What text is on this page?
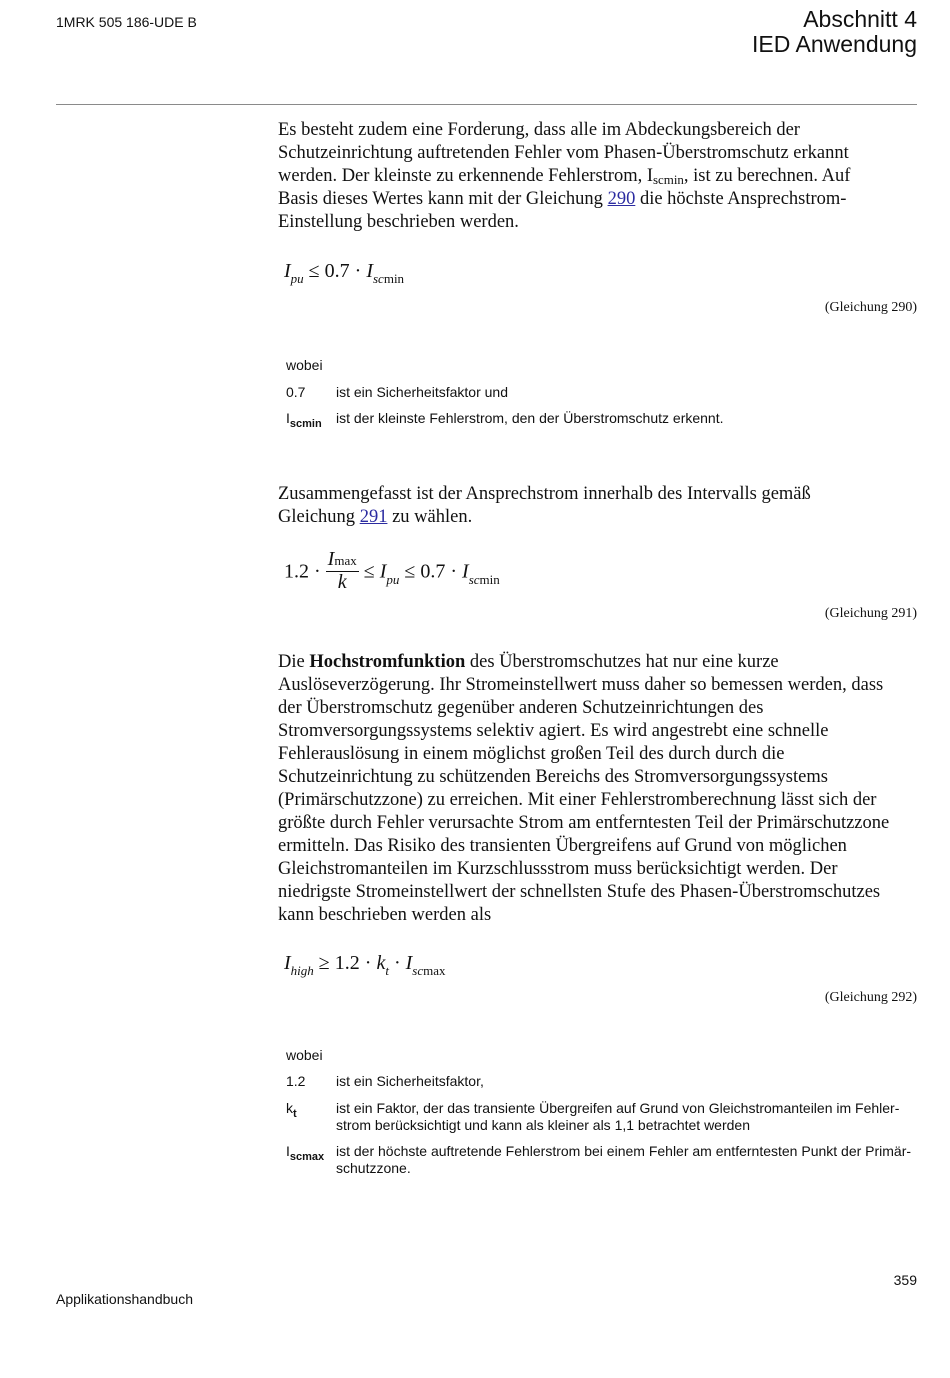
1MRK 505 186-UDE B	Abschnitt 4
IED Anwendung
Es besteht zudem eine Forderung, dass alle im Abdeckungsbereich der
Schutzeinrichtung auftretenden Fehler vom Phasen-Überstromschutz erkannt
werden. Der kleinste zu erkennende Fehlerstrom, $I_{scmin}$, ist zu berechnen. Auf
Basis dieses Wertes kann mit der Gleichung 290 die höchste Ansprechstrom-
Einstellung beschrieben werden.
$I_{pu} \le 0.7 \cdot I_{scmin}$
(Gleichung 290)
wobei
0.7 ist ein Sicherheitsfaktor und
$I_{scmin}$ ist der kleinste Fehlerstrom, den der Überstromschutz erkennt.
Zusammengefasst ist der Ansprechstrom innerhalb des Intervalls gemäß
Gleichung 291 zu wählen.
$1.2 \cdot \frac{Imax}{k} \le I_{pu} \le 0.7 \cdot I_{scmin}$
(Gleichung 291)
Die Hochstromfunktion des Überstromschutzes hat nur eine kurze
Auslöseverzögerung. Ihr Stromeinstellwert muss daher so bemessen werden, dass
der Überstromschutz gegenüber anderen Schutzeinrichtungen des
Stromversorgungssystems selektiv agiert. Es wird angestrebt eine schnelle
Fehlerauslösung in einem möglichst großen Teil des durch durch die
Schutzeinrichtung zu schützenden Bereichs des Stromversorgungssystems
(Primärschutzzone) zu erreichen. Mit einer Fehlerstromberechnung lässt sich der
größte durch Fehler verursachte Strom am entferntesten Teil der Primärschutzzone
ermitteln. Das Risiko des transienten Übergreifens auf Grund von möglichen
Gleichstromanteilen im Kurzschlussstrom muss berücksichtigt werden. Der
niedrigste Stromeinstellwert der schnellsten Stufe des Phasen-Überstromschutzes
kann beschrieben werden als
$I_{high} \ge 1.2 \cdot k_t \cdot I_{scmax}$
(Gleichung 292)
wobei
1.2 ist ein Sicherheitsfaktor,
$k_t$	ist ein Faktor, der das transiente Übergreifen auf Grund von Gleichstromanteilen im Fehler-
strom berücksichtigt und kann als kleiner als 1,1 betrachtet werden
$I_{scmax}$ ist der höchste auftretende Fehlerstrom bei einem Fehler am entferntesten Punkt der Primär-
schutzzone.
359
Applikationshandbuch
